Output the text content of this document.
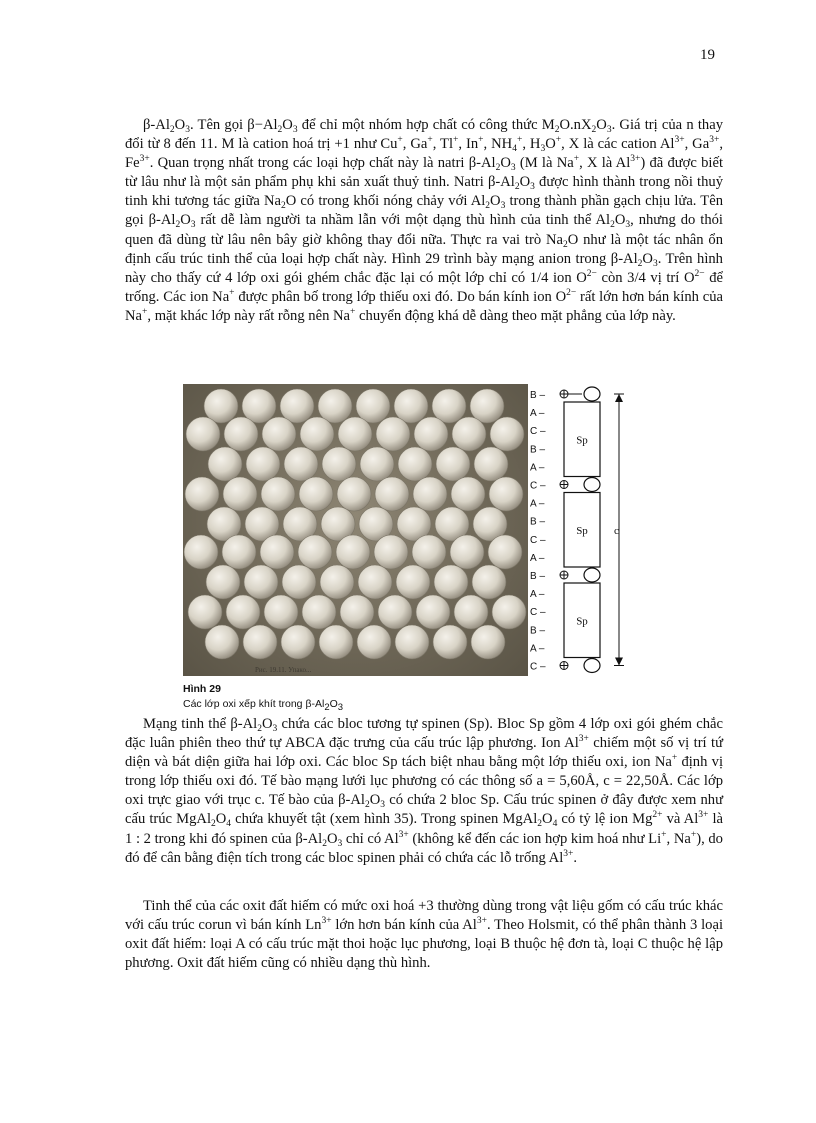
19

$\beta-Al_2O_3$. Tên gọi $\beta-Al_2O_3$ để chỉ một nhóm hợp chất có công thức $M_2O.nX_2O_3$. Giá trị của n thay đổi từ 8 đến 11. M là cation hoá trị +1 như Cu+, Ga+, Tl+, In+, $NH_4^+$, $H_3O^+$, X là các cation $Al^{3+}$, $Ga^{3+}$, $Fe^{3+}$. Quan trọng nhất trong các loại hợp chất này là natri $\beta-Al_2O_3$ (M là Na+, X là $Al^{3+}$) đã được biết từ lâu như là một sản phẩm phụ khi sản xuất thuỷ tinh. Natri $\beta-Al_2O_3$ được hình thành trong nồi thuỷ tinh khi tương tác giữa $Na_2O$ có trong khối nóng chảy với $Al_2O_3$ trong thành phần gạch chịu lửa. Tên gọi $\beta-Al_2O_3$ rất dễ làm người ta nhầm lẫn với một dạng thù hình của tinh thể $Al_2O_3$, nhưng do thói quen đã dùng từ lâu nên bây giờ không thay đổi nữa. Thực ra vai trò $Na_2O$ như là một tác nhân ổn định cấu trúc tinh thể của loại hợp chất này. Hình 29 trình bày mạng anion trong $\beta-Al_2O_3$. Trên hình này cho thấy cứ 4 lớp oxi gói ghém chắc đặc lại có một lớp chỉ có 1/4 ion $O^{2-}$ còn 3/4 vị trí $O^{2-}$ để trống. Các ion Na+ được phân bố trong lớp thiếu oxi đó. Do bán kính ion $O^{2-}$ rất lớn hơn bán kính của Na+, mặt khác lớp này rất rỗng nên Na+ chuyển động khá dễ dàng theo mặt phẳng của lớp này.

Рис. 19.11. Упако...
B –
A –
C –
B –
A –
C –
A –
B –
C –
A –
B –
A –
C –
B –
A –
C –
Sp
Sp
Sp
c
Hình 29
Các lớp oxi xếp khít trong $\beta-Al_2O_3$

Mạng tinh thể $\beta-Al_2O_3$ chứa các bloc tương tự spinen (Sp). Bloc Sp gồm 4 lớp oxi gói ghém chắc đặc luân phiên theo thứ tự ABCA đặc trưng của cấu trúc lập phương. Ion $Al^{3+}$ chiếm một số vị trí tứ diện và bát diện giữa hai lớp oxi. Các bloc Sp tách biệt nhau bằng một lớp thiếu oxi, ion Na+ định vị trong lớp thiếu oxi đó. Tế bào mạng lưới lục phương có các thông số a = 5,60Å, c = 22,50Å. Các lớp oxi trực giao với trục c. Tế bào của $\beta-Al_2O_3$ có chứa 2 bloc Sp. Cấu trúc spinen ở đây được xem như cấu trúc $MgAl_2O_4$ chứa khuyết tật (xem hình 35). Trong spinen $MgAl_2O_4$ có tỷ lệ ion $Mg^{2+}$ và $Al^{3+}$ là 1 : 2 trong khi đó spinen của $\beta-Al_2O_3$ chỉ có $Al^{3+}$ (không kể đến các ion hợp kim hoá như Li+, Na+), do đó để cân bằng điện tích trong các bloc spinen phải có chứa các lỗ trống $Al^{3+}$.

Tinh thể của các oxit đất hiếm có mức oxi hoá +3 thường dùng trong vật liệu gốm có cấu trúc khác với cấu trúc corun vì bán kính $Ln^{3+}$ lớn hơn bán kính của $Al^{3+}$. Theo Holsmit, có thể phân thành 3 loại oxit đất hiếm: loại A có cấu trúc mặt thoi hoặc lục phương, loại B thuộc hệ đơn tà, loại C thuộc hệ lập phương. Oxit đất hiếm cũng có nhiều dạng thù hình.
